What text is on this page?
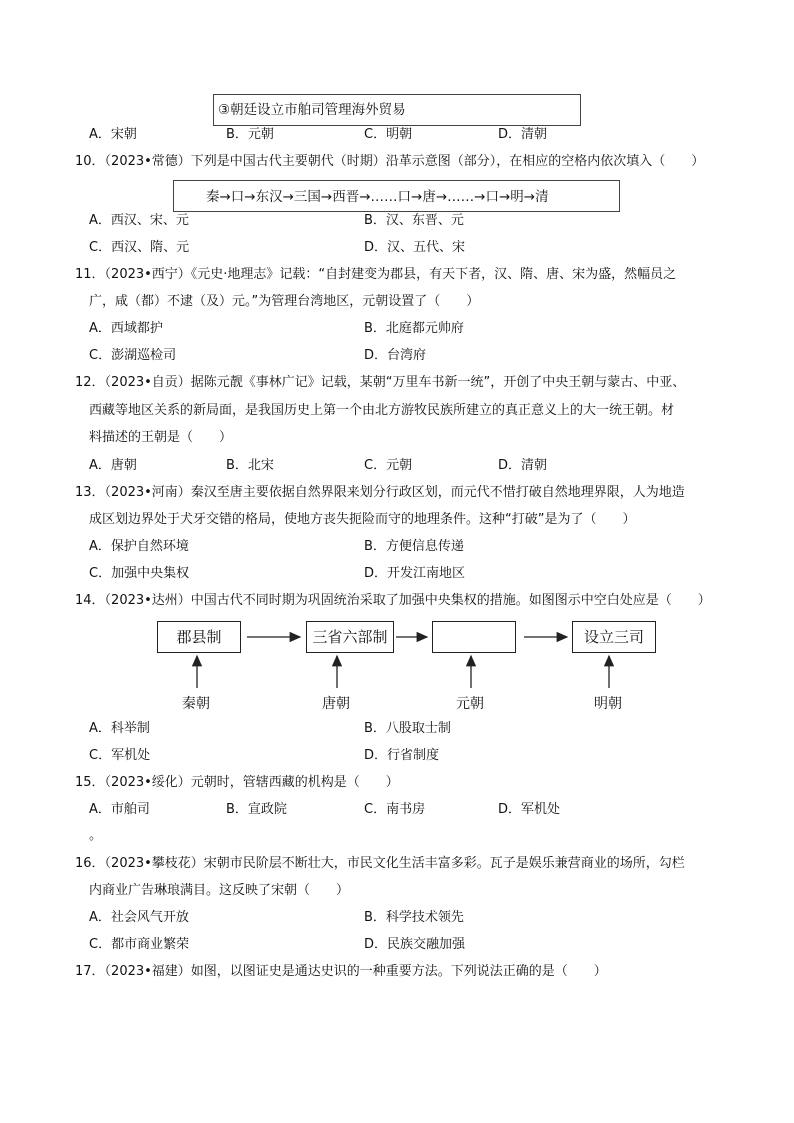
③朝廷设立市舶司管理海外贸易
A．宋朝	B．元朝	C．明朝	D．清朝
10．（2023•常德）下列是中国古代主要朝代（时期）沿革示意图（部分），在相应的空格内依次填入（　　）
秦→口→东汉→三国→西晋→……口→唐→……→口→明→清
A．西汉、宋、元	B．汉、东晋、元
C．西汉、隋、元	D．汉、五代、宋
11．（2023•西宁）《元史·地理志》记载：“自封建变为郡县，有天下者，汉、隋、唐、宋为盛，然幅员之
广，咸（都）不逮（及）元。”为管理台湾地区，元朝设置了（　　）
A．西域都护	B．北庭都元帅府
C．澎湖巡检司	D．台湾府
12．（2023•自贡）据陈元靓《事林广记》记载，某朝“万里车书新一统”，开创了中央王朝与蒙古、中亚、
西藏等地区关系的新局面，是我国历史上第一个由北方游牧民族所建立的真正意义上的大一统王朝。材
料描述的王朝是（　　）
A．唐朝	B．北宋	C．元朝	D．清朝
13．（2023•河南）秦汉至唐主要依据自然界限来划分行政区划，而元代不惜打破自然地理界限，人为地造
成区划边界处于犬牙交错的格局，使地方丧失扼险而守的地理条件。这种“打破”是为了（　　）
A．保护自然环境	B．方便信息传递
C．加强中央集权	D．开发江南地区
14．（2023•达州）中国古代不同时期为巩固统治采取了加强中央集权的措施。如图图示中空白处应是（　　）
郡县制	三省六部制	设立三司
秦朝	唐朝	元朝	明朝
A．科举制	B．八股取士制
C．军机处	D．行省制度
15．（2023•绥化）元朝时，管辖西藏的机构是（　　）
A．市舶司	B．宣政院	C．南书房	D．军机处
。
16．（2023•攀枝花）宋朝市民阶层不断壮大，市民文化生活丰富多彩。瓦子是娱乐兼营商业的场所，勾栏
内商业广告琳琅满目。这反映了宋朝（　　）
A．社会风气开放	B．科学技术领先
C．都市商业繁荣	D．民族交融加强
17．（2023•福建）如图，以图证史是通达史识的一种重要方法。下列说法正确的是（　　）
